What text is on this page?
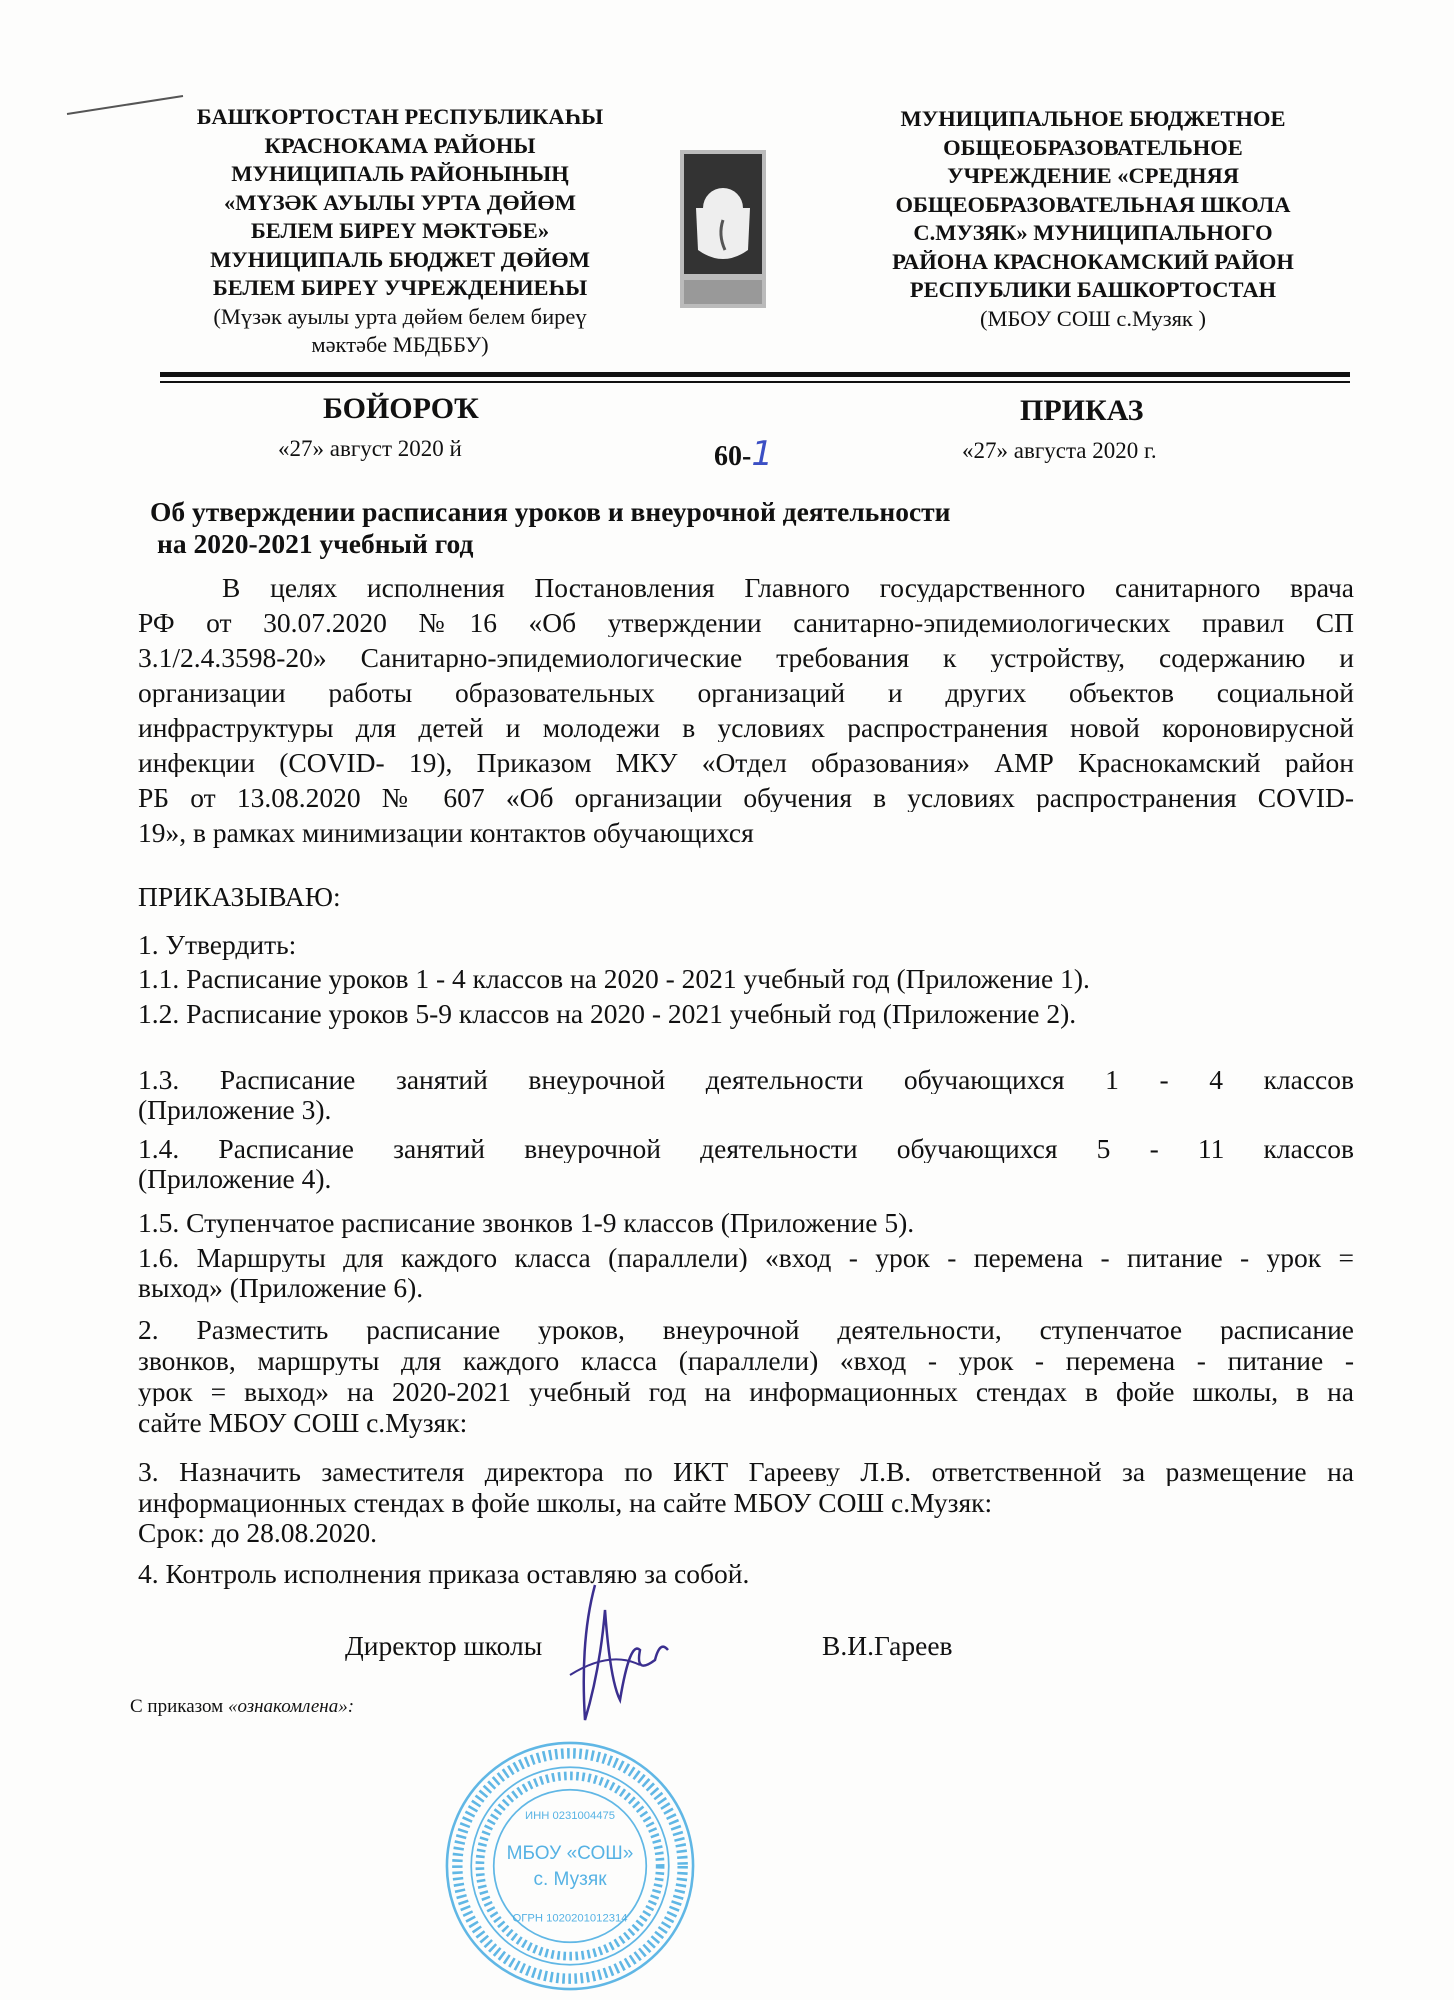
БАШҠОРТОСТАН РЕСПУБЛИКАҺЫ
КРАСНОКАМА РАЙОНЫ
МУНИЦИПАЛЬ РАЙОНЫНЫҢ
«МҮЗӘК АУЫЛЫ УРТА ДӨЙӨМ
БЕЛЕМ БИРЕҮ МӘКТӘБЕ»
МУНИЦИПАЛЬ БЮДЖЕТ ДӨЙӨМ
БЕЛЕМ БИРЕҮ УЧРЕЖДЕНИЕҺЫ
(Мүзәк ауылы урта дөйөм белем биреү
мәктәбе МБДББУ)
МУНИЦИПАЛЬНОЕ БЮДЖЕТНОЕ
ОБЩЕОБРАЗОВАТЕЛЬНОЕ
УЧРЕЖДЕНИЕ «СРЕДНЯЯ
ОБЩЕОБРАЗОВАТЕЛЬНАЯ ШКОЛА
С.МУЗЯК» МУНИЦИПАЛЬНОГО
РАЙОНА КРАСНОКАМСКИЙ РАЙОН
РЕСПУБЛИКИ БАШКОРТОСТАН
(МБОУ СОШ с.Музяк )
БОЙОРОҠ	ПРИКАЗ
«27» август 2020 й	60-1	«27» августа 2020 г.
Об утверждении расписания уроков и внеурочной деятельности
на 2020-2021 учебный год
В целях исполнения Постановления Главного государственного санитарного врача
РФ от 30.07.2020 №16 «Об утверждении санитарно-эпидемиологических правил СП
3.1/2.4.3598-20» Санитарно-эпидемиологические требования к устройству, содержанию и
организации работы образовательных организаций и других объектов социальной
инфраструктуры для детей и молодежи в условиях распространения новой короновирусной
инфекции (COVID- 19), Приказом МКУ «Отдел образования» АМР Краснокамский район
РБ от 13.08.2020 № 607 «Об организации обучения в условиях распространения COVID-
19», в рамках минимизации контактов обучающихся
ПРИКАЗЫВАЮ:
1. Утвердить:
1.1. Расписание уроков 1 - 4 классов на 2020 - 2021 учебный год (Приложение 1).
1.2. Расписание уроков 5-9 классов на 2020 - 2021 учебный год (Приложение 2).
1.3. Расписание занятий внеурочной деятельности обучающихся 1 - 4 классов
(Приложение 3).
1.4. Расписание занятий внеурочной деятельности обучающихся 5 - 11 классов
(Приложение 4).
1.5. Ступенчатое расписание звонков 1-9 классов (Приложение 5).
1.6. Маршруты для каждого класса (параллели) «вход - урок - перемена - питание - урок =
выход» (Приложение 6).
2. Разместить расписание уроков, внеурочной деятельности, ступенчатое расписание
звонков, маршруты для каждого класса (параллели) «вход - урок - перемена - питание -
урок = выход» на 2020-2021 учебный год на информационных стендах в фойе школы, в на
сайте МБОУ СОШ с.Музяк:
3. Назначить заместителя директора по ИКТ Гарееву Л.В. ответственной за размещение на
информационных стендах в фойе школы, на сайте МБОУ СОШ с.Музяк:
Срок: до 28.08.2020.
4. Контроль исполнения приказа оставляю за собой.
Директор школы	В.И.Гареев
С приказом «ознакомлена»:
ИНН 0231004475
МБОУ «СОШ»
с. Музяк
ОГРН 1020201012314
